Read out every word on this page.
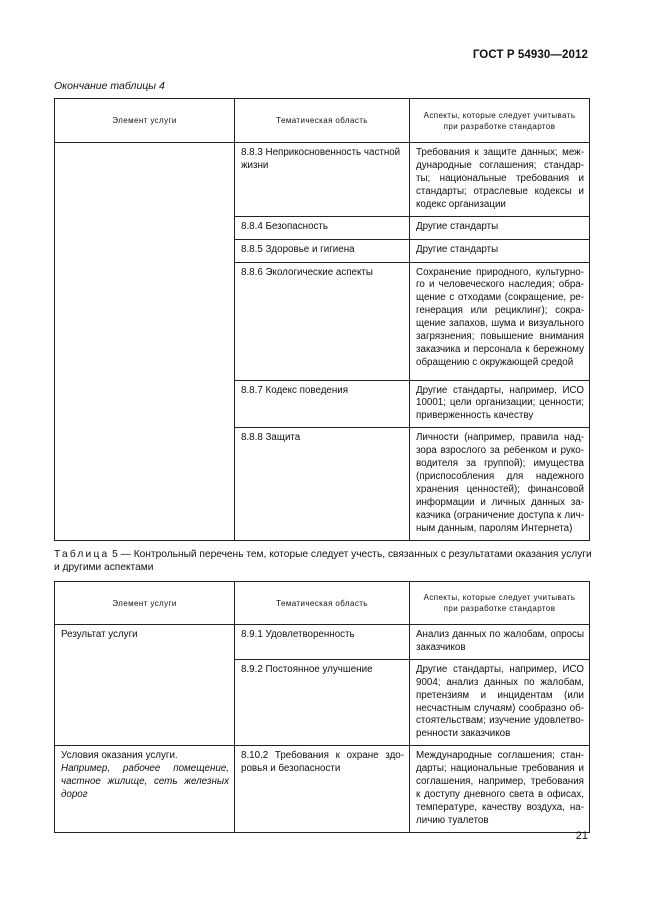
ГОСТ Р 54930—2012
Окончание таблицы 4
Элемент услуги	Тематическая область	Аспекты, которые следует учитывать при разработке стандартов
	8.8.3 Неприкосновенность частной жизни	Требования к защите данных; международные соглашения; стандарты; национальные требования и стандарты; отраслевые кодексы и кодекс организации
	8.8.4 Безопасность	Другие стандарты
	8.8.5 Здоровье и гигиена	Другие стандарты
	8.8.6 Экологические аспекты	Сохранение природного, культурного и человеческого наследия; обращение с отходами (сокращение, регенерация или рециклинг); сокращение запахов, шума и визуального загрязнения; повышение внимания заказчика и персонала к бережному обращению с окружающей средой
	8.8.7 Кодекс поведения	Другие стандарты, например, ИСО 10001; цели организации; ценности; приверженность качеству
	8.8.8 Защита	Личности (например, правила надзора взрослого за ребенком и руководителя за группой); имущества (приспособления для надежного хранения ценностей); финансовой информации и личных данных заказчика (ограничение доступа к личным данным, паролям Интернета)
Таблица 5 — Контрольный перечень тем, которые следует учесть, связанных с результатами оказания услуги и другими аспектами
Элемент услуги	Тематическая область	Аспекты, которые следует учитывать при разработке стандартов
Результат услуги	8.9.1 Удовлетворенность	Анализ данных по жалобам, опросы заказчиков
	8.9.2 Постоянное улучшение	Другие стандарты, например, ИСО 9004; анализ данных по жалобам, претензиям и инцидентам (или несчастным случаям) сообразно обстоятельствам; изучение удовлетворенности заказчиков

Условия оказания услуги.
Например, рабочее помещение, частное жилище, сеть железных дорог	8.10.2 Требования к охране здоровья и безопасности	Международные соглашения; стандарты; национальные требования и соглашения, например, требования к доступу дневного света в офисах, температуре, качеству воздуха, наличию туалетов
21
